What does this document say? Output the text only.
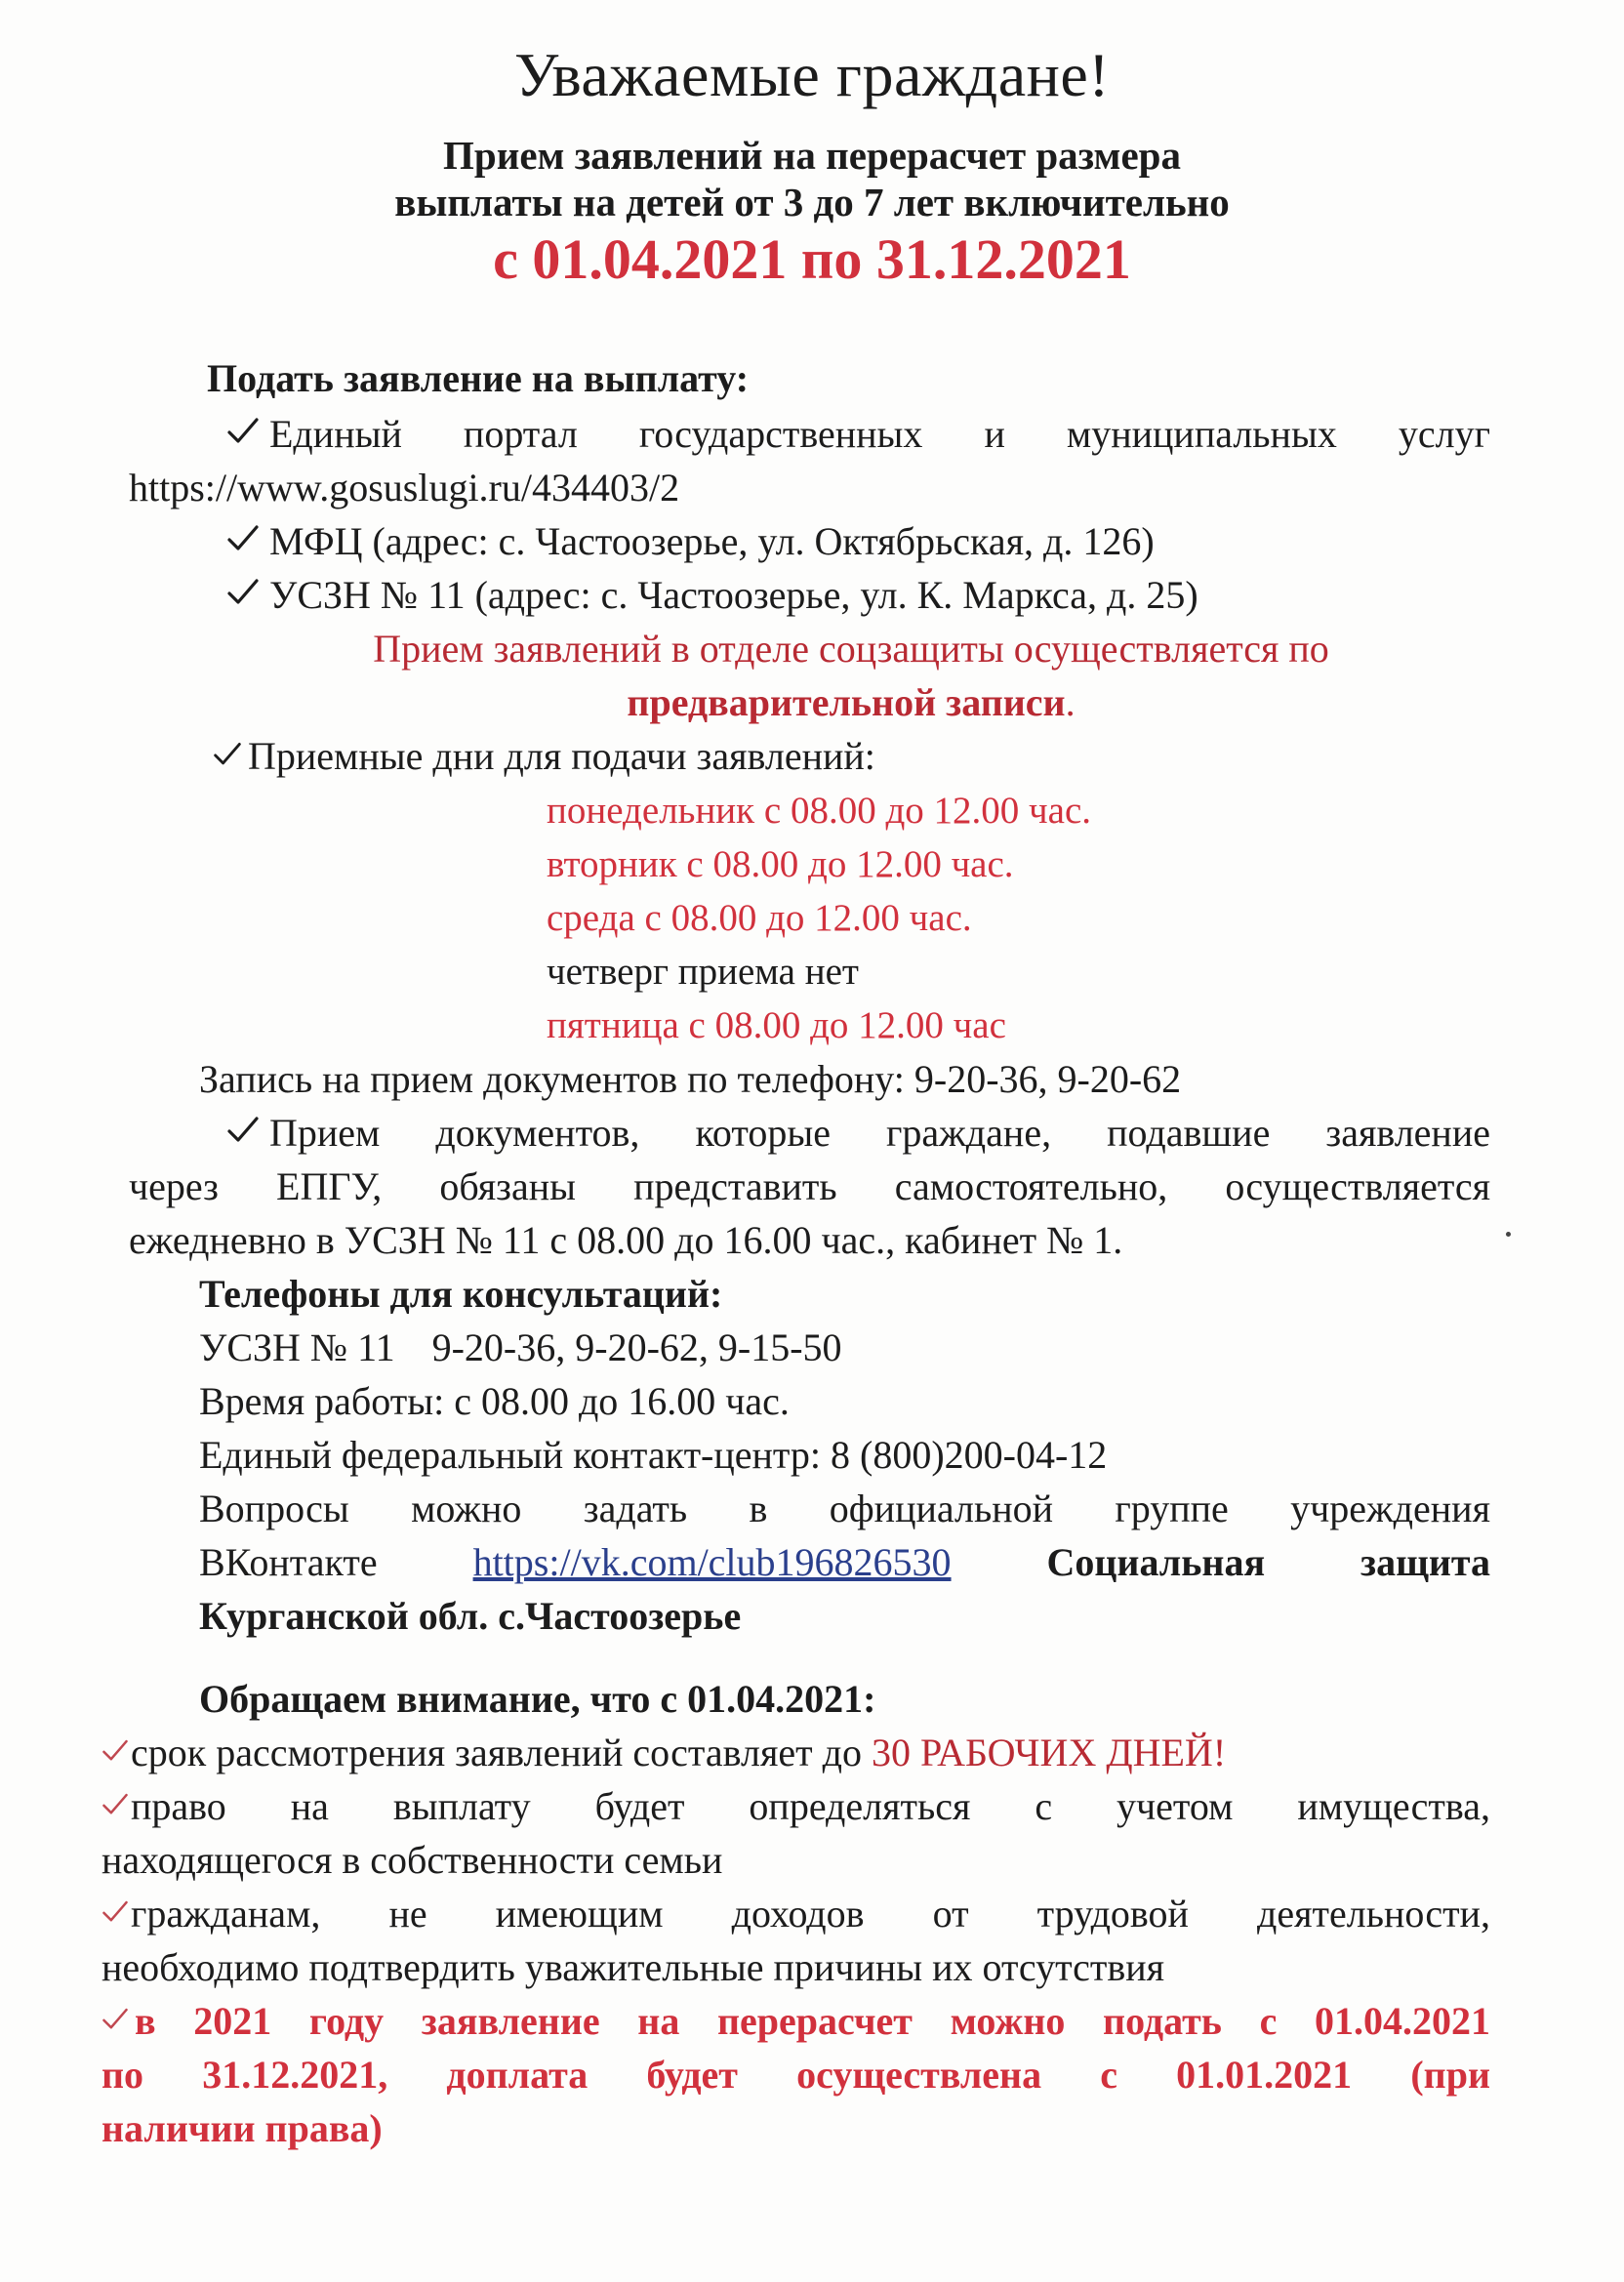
Уважаемые граждане!
Прием заявлений на перерасчет размера
выплаты на детей от 3 до 7 лет включительно
с 01.04.2021 по 31.12.2021
Подать заявление на выплату:
Единый портал государственных и муниципальных услуг
https://www.gosuslugi.ru/434403/2
МФЦ (адрес: с. Частоозерье, ул. Октябрьская, д. 126)
УСЗН № 11 (адрес: с. Частоозерье, ул. К. Маркса, д. 25)
Прием заявлений в отделе соцзащиты осуществляется по
предварительной записи.
Приемные дни для подачи заявлений:
понедельник с 08.00 до 12.00 час.
вторник с 08.00 до 12.00 час.
среда с 08.00 до 12.00 час.
четверг приема нет
пятница с 08.00 до 12.00 час
Запись на прием документов по телефону: 9-20-36, 9-20-62
Прием документов, которые граждане, подавшие заявление
через ЕПГУ, обязаны представить самостоятельно, осуществляется
ежедневно в УСЗН № 11 с 08.00 до 16.00 час., кабинет № 1.
Телефоны для консультаций:
УСЗН № 11 9-20-36, 9-20-62, 9-15-50
Время работы: с 08.00 до 16.00 час.
Единый федеральный контакт-центр: 8 (800)200-04-12
Вопросы можно задать в официальной группе учреждения
ВКонтакте https://vk.com/club196826530 Социальная защита
Курганской обл. с.Частоозерье
Обращаем внимание, что с 01.04.2021:
срок рассмотрения заявлений составляет до 30 РАБОЧИХ ДНЕЙ!
право на выплату будет определяться с учетом имущества,
находящегося в собственности семьи
гражданам, не имеющим доходов от трудовой деятельности,
необходимо подтвердить уважительные причины их отсутствия
в 2021 году заявление на перерасчет можно подать с 01.04.2021
по 31.12.2021, доплата будет осуществлена с 01.01.2021 (при
наличии права)
